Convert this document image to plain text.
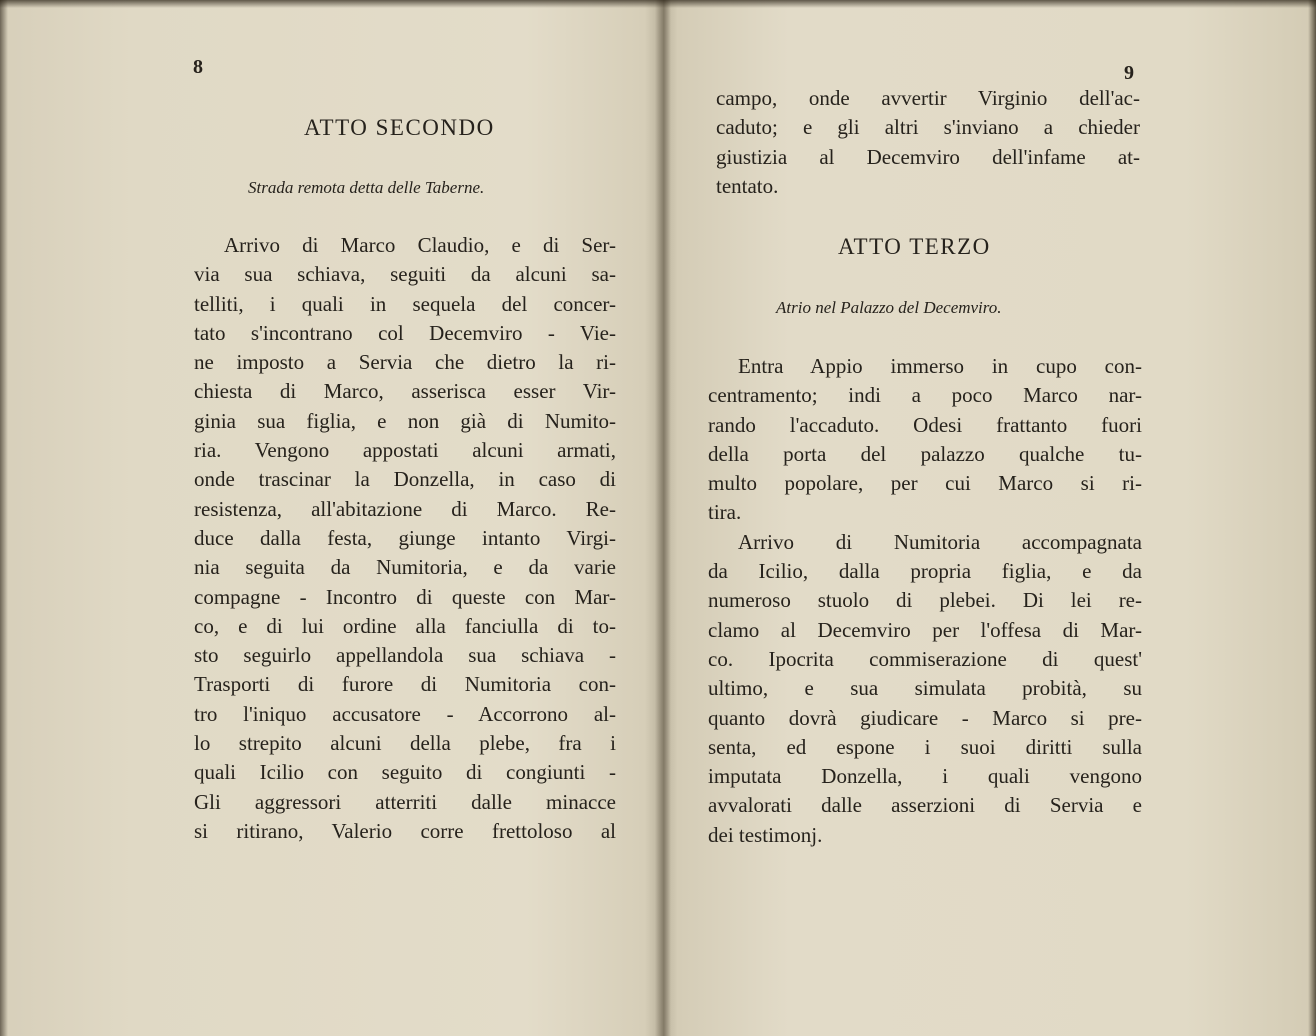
8
ATTO SECONDO
Strada remota detta delle Taberne.
Arrivo di Marco Claudio, e di Ser-
via sua schiava, seguiti da alcuni sa-
telliti, i quali in sequela del concer-
tato s'incontrano col Decemviro - Vie-
ne imposto a Servia che dietro la ri-
chiesta di Marco, asserisca esser Vir-
ginia sua figlia, e non già di Numito-
ria. Vengono appostati alcuni armati,
onde trascinar la Donzella, in caso di
resistenza, all'abitazione di Marco. Re-
duce dalla festa, giunge intanto Virgi-
nia seguita da Numitoria, e da varie
compagne - Incontro di queste con Mar-
co, e di lui ordine alla fanciulla di to-
sto seguirlo appellandola sua schiava -
Trasporti di furore di Numitoria con-
tro l'iniquo accusatore - Accorrono al-
lo strepito alcuni della plebe, fra i
quali Icilio con seguito di congiunti -
Gli aggressori atterriti dalle minacce
si ritirano, Valerio corre frettoloso al
9
campo, onde avvertir Virginio dell'ac-
caduto; e gli altri s'inviano a chieder
giustizia al Decemviro dell'infame at-
tentato.
ATTO TERZO
Atrio nel Palazzo del Decemviro.
Entra Appio immerso in cupo con-
centramento; indi a poco Marco nar-
rando l'accaduto. Odesi frattanto fuori
della porta del palazzo qualche tu-
multo popolare, per cui Marco si ri-
tira.
Arrivo di Numitoria accompagnata
da Icilio, dalla propria figlia, e da
numeroso stuolo di plebei. Di lei re-
clamo al Decemviro per l'offesa di Mar-
co. Ipocrita commiserazione di quest'
ultimo, e sua simulata probità, su
quanto dovrà giudicare - Marco si pre-
senta, ed espone i suoi diritti sulla
imputata Donzella, i quali vengono
avvalorati dalle asserzioni di Servia e
dei testimonj.
